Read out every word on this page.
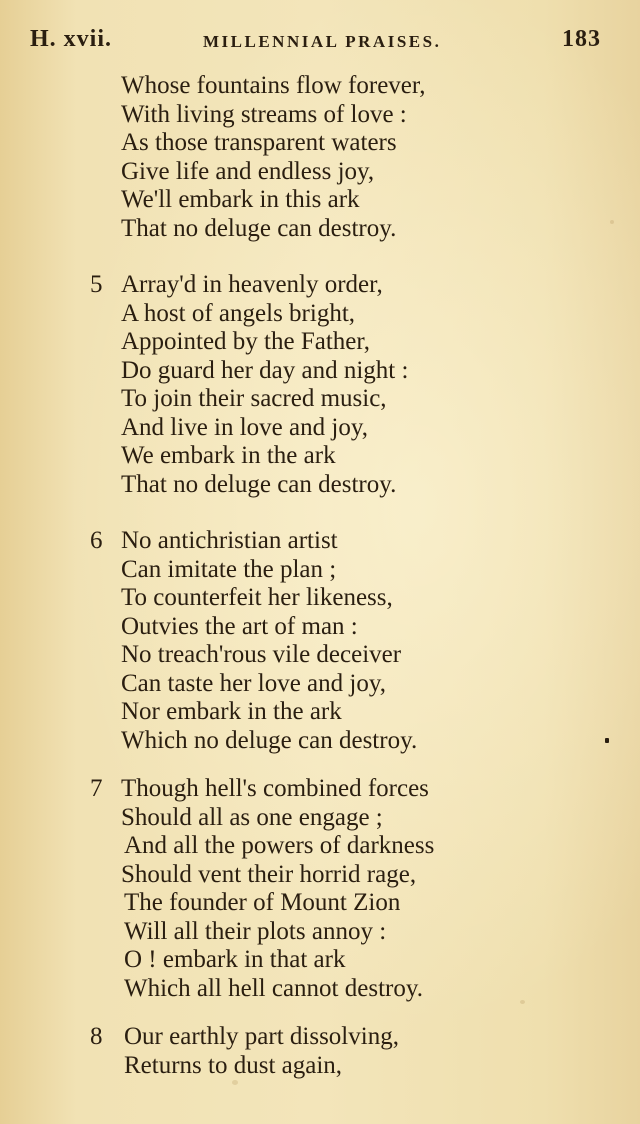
H. xvii.	MILLENNIAL PRAISES.	183
Whose fountains flow forever,
With living streams of love :
As those transparent waters
Give life and endless joy,
We'll embark in this ark
That no deluge can destroy.
5 Array'd in heavenly order,
A host of angels bright,
Appointed by the Father,
Do guard her day and night :
To join their sacred music,
And live in love and joy,
We embark in the ark
That no deluge can destroy.
6 No antichristian artist
Can imitate the plan ;
To counterfeit her likeness,
Outvies the art of man :
No treach'rous vile deceiver
Can taste her love and joy,
Nor embark in the ark
Which no deluge can destroy.
7 Though hell's combined forces
Should all as one engage ;
And all the powers of darkness
Should vent their horrid rage,
The founder of Mount Zion
Will all their plots annoy :
O ! embark in that ark
Which all hell cannot destroy.
8 Our earthly part dissolving,
Returns to dust again,
